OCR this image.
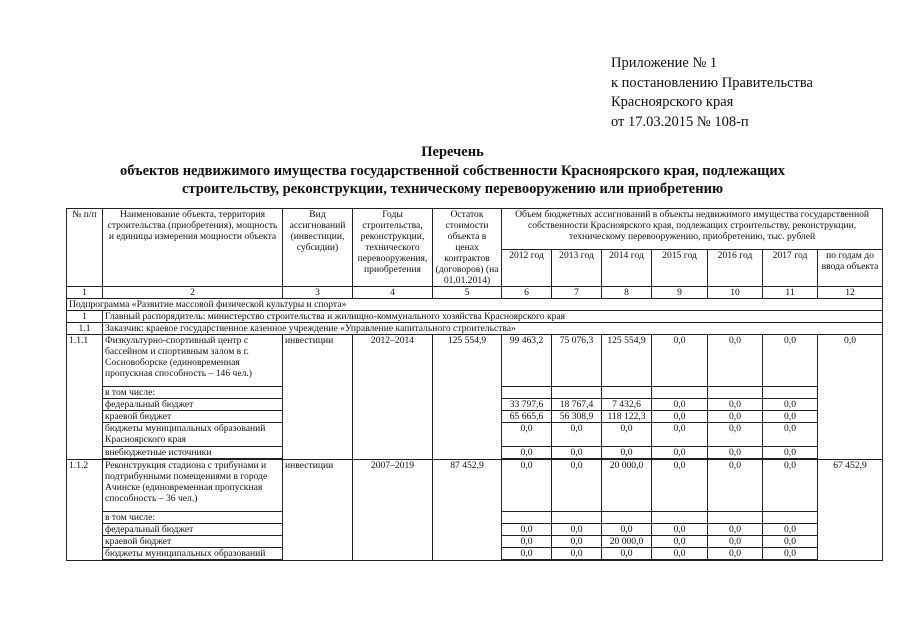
Приложение № 1
к постановлению Правительства
Красноярского края
от 17.03.2015 № 108-п
Перечень
объектов недвижимого имущества государственной собственности Красноярского края, подлежащих
строительству, реконструкции, техническому перевооружению или приобретению
№ п/п	Наименование объекта, территория строительства (приобретения), мощность и единицы измерения мощности объекта	Вид ассигнований (инвестиции, субсидии)	Годы строительства, реконструкции, технического перевооружения, приобретения	Остаток стоимости объекта в ценах контрактов (договоров) (на 01.01.2014)	Объем бюджетных ассигнований в объекты недвижимого имущества государственной собственности Красноярского края, подлежащих строительству, реконструкции, техническому перевооружению, приобретению, тыс. рублей						
					2012 год	2013 год	2014 год	2015 год	2016 год	2017 год	по годам до ввода объекта
1	2	3	4	5	6	7	8	9	10	11	12
Подпрограмма «Развитие массовой физической культуры и спорта»											
1	Главный распорядитель: министерство строительства и жилищно-коммунального хозяйства Красноярского края										
1.1	Заказчик: краевое государственное казенное учреждение «Управление капитального строительства»										
1.1.1	Физкультурно-спортивный центр с бассейном и спортивным залом в г. Сосновоборске (единовременная пропускная способность – 146 чел.)	инвестиции	2012–2014	125 554,9	99 463,2	75 076,3	125 554,9	0,0	0,0	0,0	0,0
	в том числе:										
	федеральный бюджет				33 797,6	18 767,4	7 432,6	0,0	0,0	0,0	
	краевой бюджет				65 665,6	56 308,9	118 122,3	0,0	0,0	0,0	
	бюджеты муниципальных образований Красноярского края				0,0	0,0	0,0	0,0	0,0	0,0	
	внебюджетные источники				0,0	0,0	0,0	0,0	0,0	0,0	

1.1.2	Реконструкция стадиона с трибунами и подтрибунными помещениями в городе Ачинске (единовременная пропускная способность – 36 чел.)	инвестиции	2007–2019	87 452,9	0,0	0,0	20 000,0	0,0	0,0	0,0	67 452,9
	в том числе:										
	федеральный бюджет				0,0	0,0	0,0	0,0	0,0	0,0	
	краевой бюджет				0,0	0,0	20 000,0	0,0	0,0	0,0	
	бюджеты муниципальных образований				0,0	0,0	0,0	0,0	0,0	0,0	
